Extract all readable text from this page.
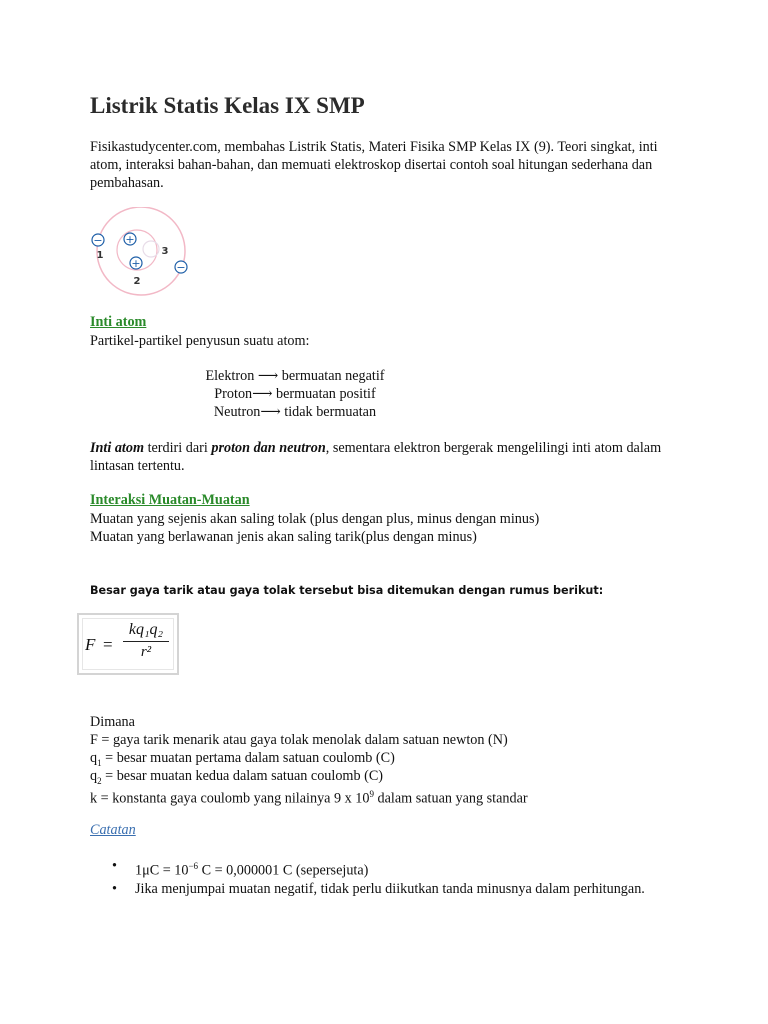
Listrik Statis Kelas IX SMP

Fisikastudycenter.com, membahas Listrik Statis, Materi Fisika SMP Kelas IX (9). Teori singkat, inti atom, interaksi bahan-bahan, dan memuati elektroskop disertai contoh soal hitungan sederhana dan pembahasan.

+
+
−
−
1
2
3
Inti atom
Partikel-partikel penyusun suatu atom:
Elektron ⟶ bermuatan negatif
Proton⟶ bermuatan positif
Neutron⟶ tidak bermuatan

Inti atom terdiri dari proton dan neutron, sementara elektron bergerak mengelilingi inti atom dalam lintasan tertentu.

Interaksi Muatan-Muatan
Muatan yang sejenis akan saling tolak (plus dengan plus, minus dengan minus)
Muatan yang berlawanan jenis akan saling tarik(plus dengan minus)
Besar gaya tarik atau gaya tolak tersebut bisa ditemukan dengan rumus berikut:
F =
kq₁q₂
r²
Dimana
F = gaya tarik menarik atau gaya tolak menolak dalam satuan newton (N)
$q_1$ = besar muatan pertama dalam satuan coulomb (C)
$q_2$ = besar muatan kedua dalam satuan coulomb (C)
k = konstanta gaya coulomb yang nilainya 9 x $10^9$ dalam satuan yang standar
Catatan
• $1\mu C = 10^{-6}$ C = 0,000001 C (sepersejuta)
• Jika menjumpai muatan negatif, tidak perlu diikutkan tanda minusnya dalam perhitungan.
